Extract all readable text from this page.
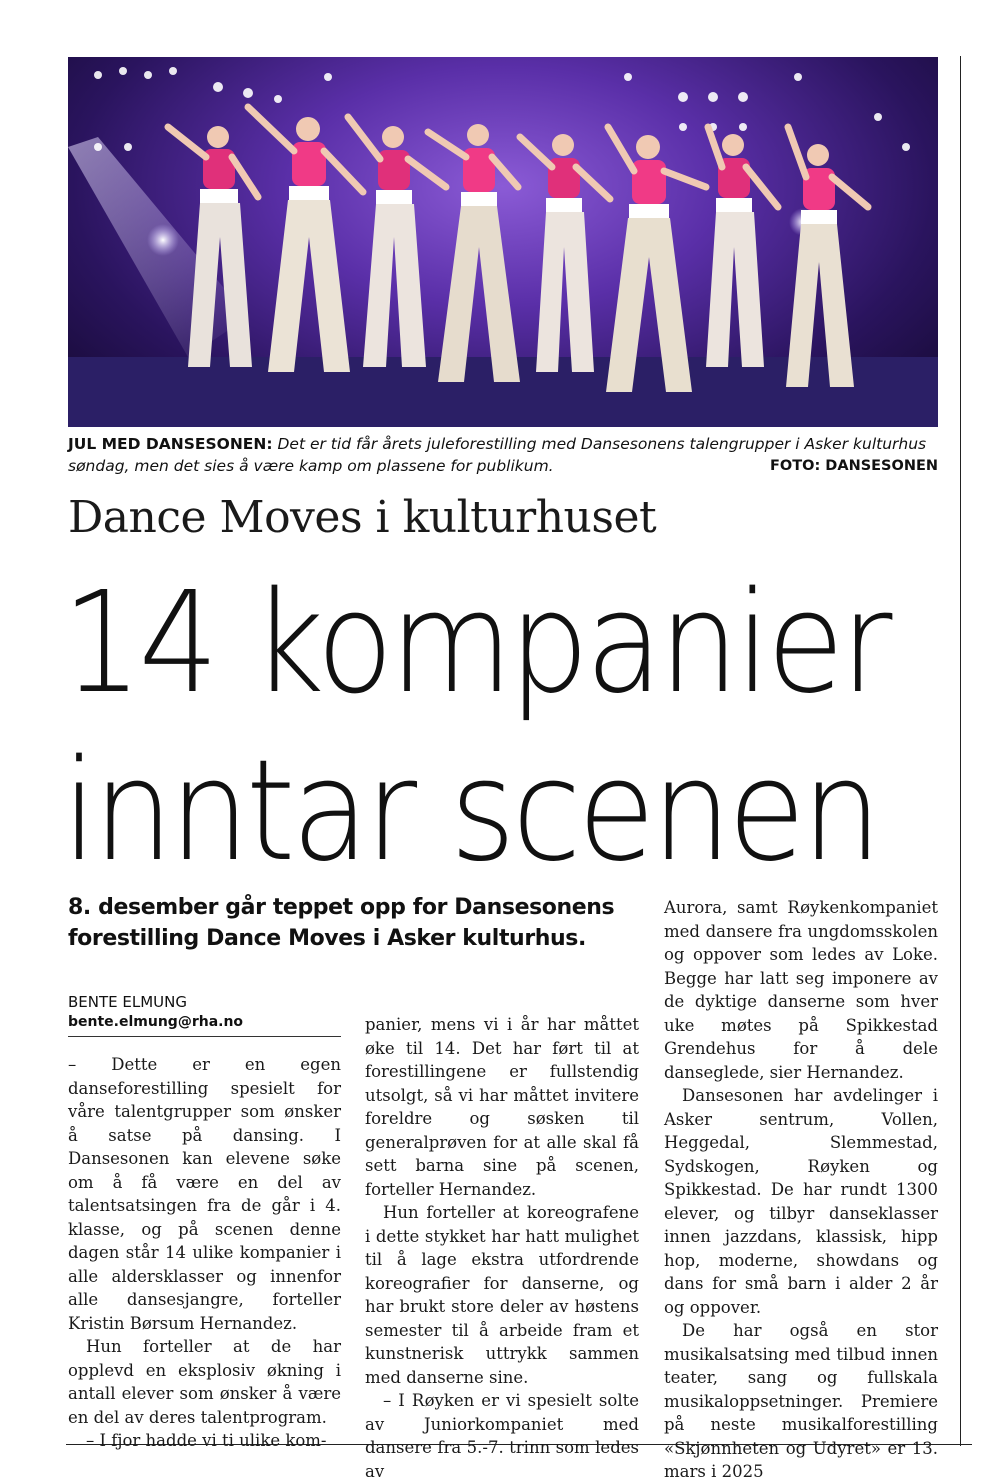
JUL MED DANSESONEN: Det er tid får årets juleforestilling med Dansesonens talengrupper i Asker kulturhus søndag, men det sies å være kamp om plassene for publikum.	FOTO: DANSESONEN
Dance Moves i kulturhuset
14 kompanier
inntar scenen
8. desember går teppet opp for Dansesonens forestilling Dance Moves i Asker kulturhus.
BENTE ELMUNG
bente.elmung@rha.no

– Dette er en egen danseforestilling spesielt for våre talentgrupper som ønsker å satse på dansing. I Dansesonen kan elevene søke om å få være en del av talentsatsingen fra de går i 4. klasse, og på scenen denne dagen står 14 ulike kompanier i alle aldersklasser og innenfor alle dansesjangre, forteller Kristin Børsum Hernandez.

Hun forteller at de har opplevd en eksplosiv økning i antall elever som ønsker å være en del av deres talentprogram.

– I fjor hadde vi ti ulike kom-

panier, mens vi i år har måttet øke til 14. Det har ført til at forestillingene er fullstendig utsolgt, så vi har måttet invitere foreldre og søsken til generalprøven for at alle skal få sett barna sine på scenen, forteller Hernandez.

Hun forteller at koreografene i dette stykket har hatt mulighet til å lage ekstra utfordrende koreografier for danserne, og har brukt store deler av høstens semester til å arbeide fram et kunstnerisk uttrykk sammen med danserne sine.

– I Røyken er vi spesielt solte av Juniorkompaniet med dansere fra 5.-7. trinn som ledes av

Aurora, samt Røykenkompaniet med dansere fra ungdomsskolen og oppover som ledes av Loke. Begge har latt seg imponere av de dyktige danserne som hver uke møtes på Spikkestad Grendehus for å dele danseglede, sier Hernandez.

Dansesonen har avdelinger i Asker sentrum, Vollen, Heggedal, Slemmestad, Sydskogen, Røyken og Spikkestad. De har rundt 1300 elever, og tilbyr danseklasser innen jazzdans, klassisk, hipp hop, moderne, showdans og dans for små barn i alder 2 år og oppover.

De har også en stor musikalsatsing med tilbud innen teater, sang og fullskala musikaloppsetninger. Premiere på neste musikalforestilling «Skjønnheten og Udyret» er 13. mars i 2025
